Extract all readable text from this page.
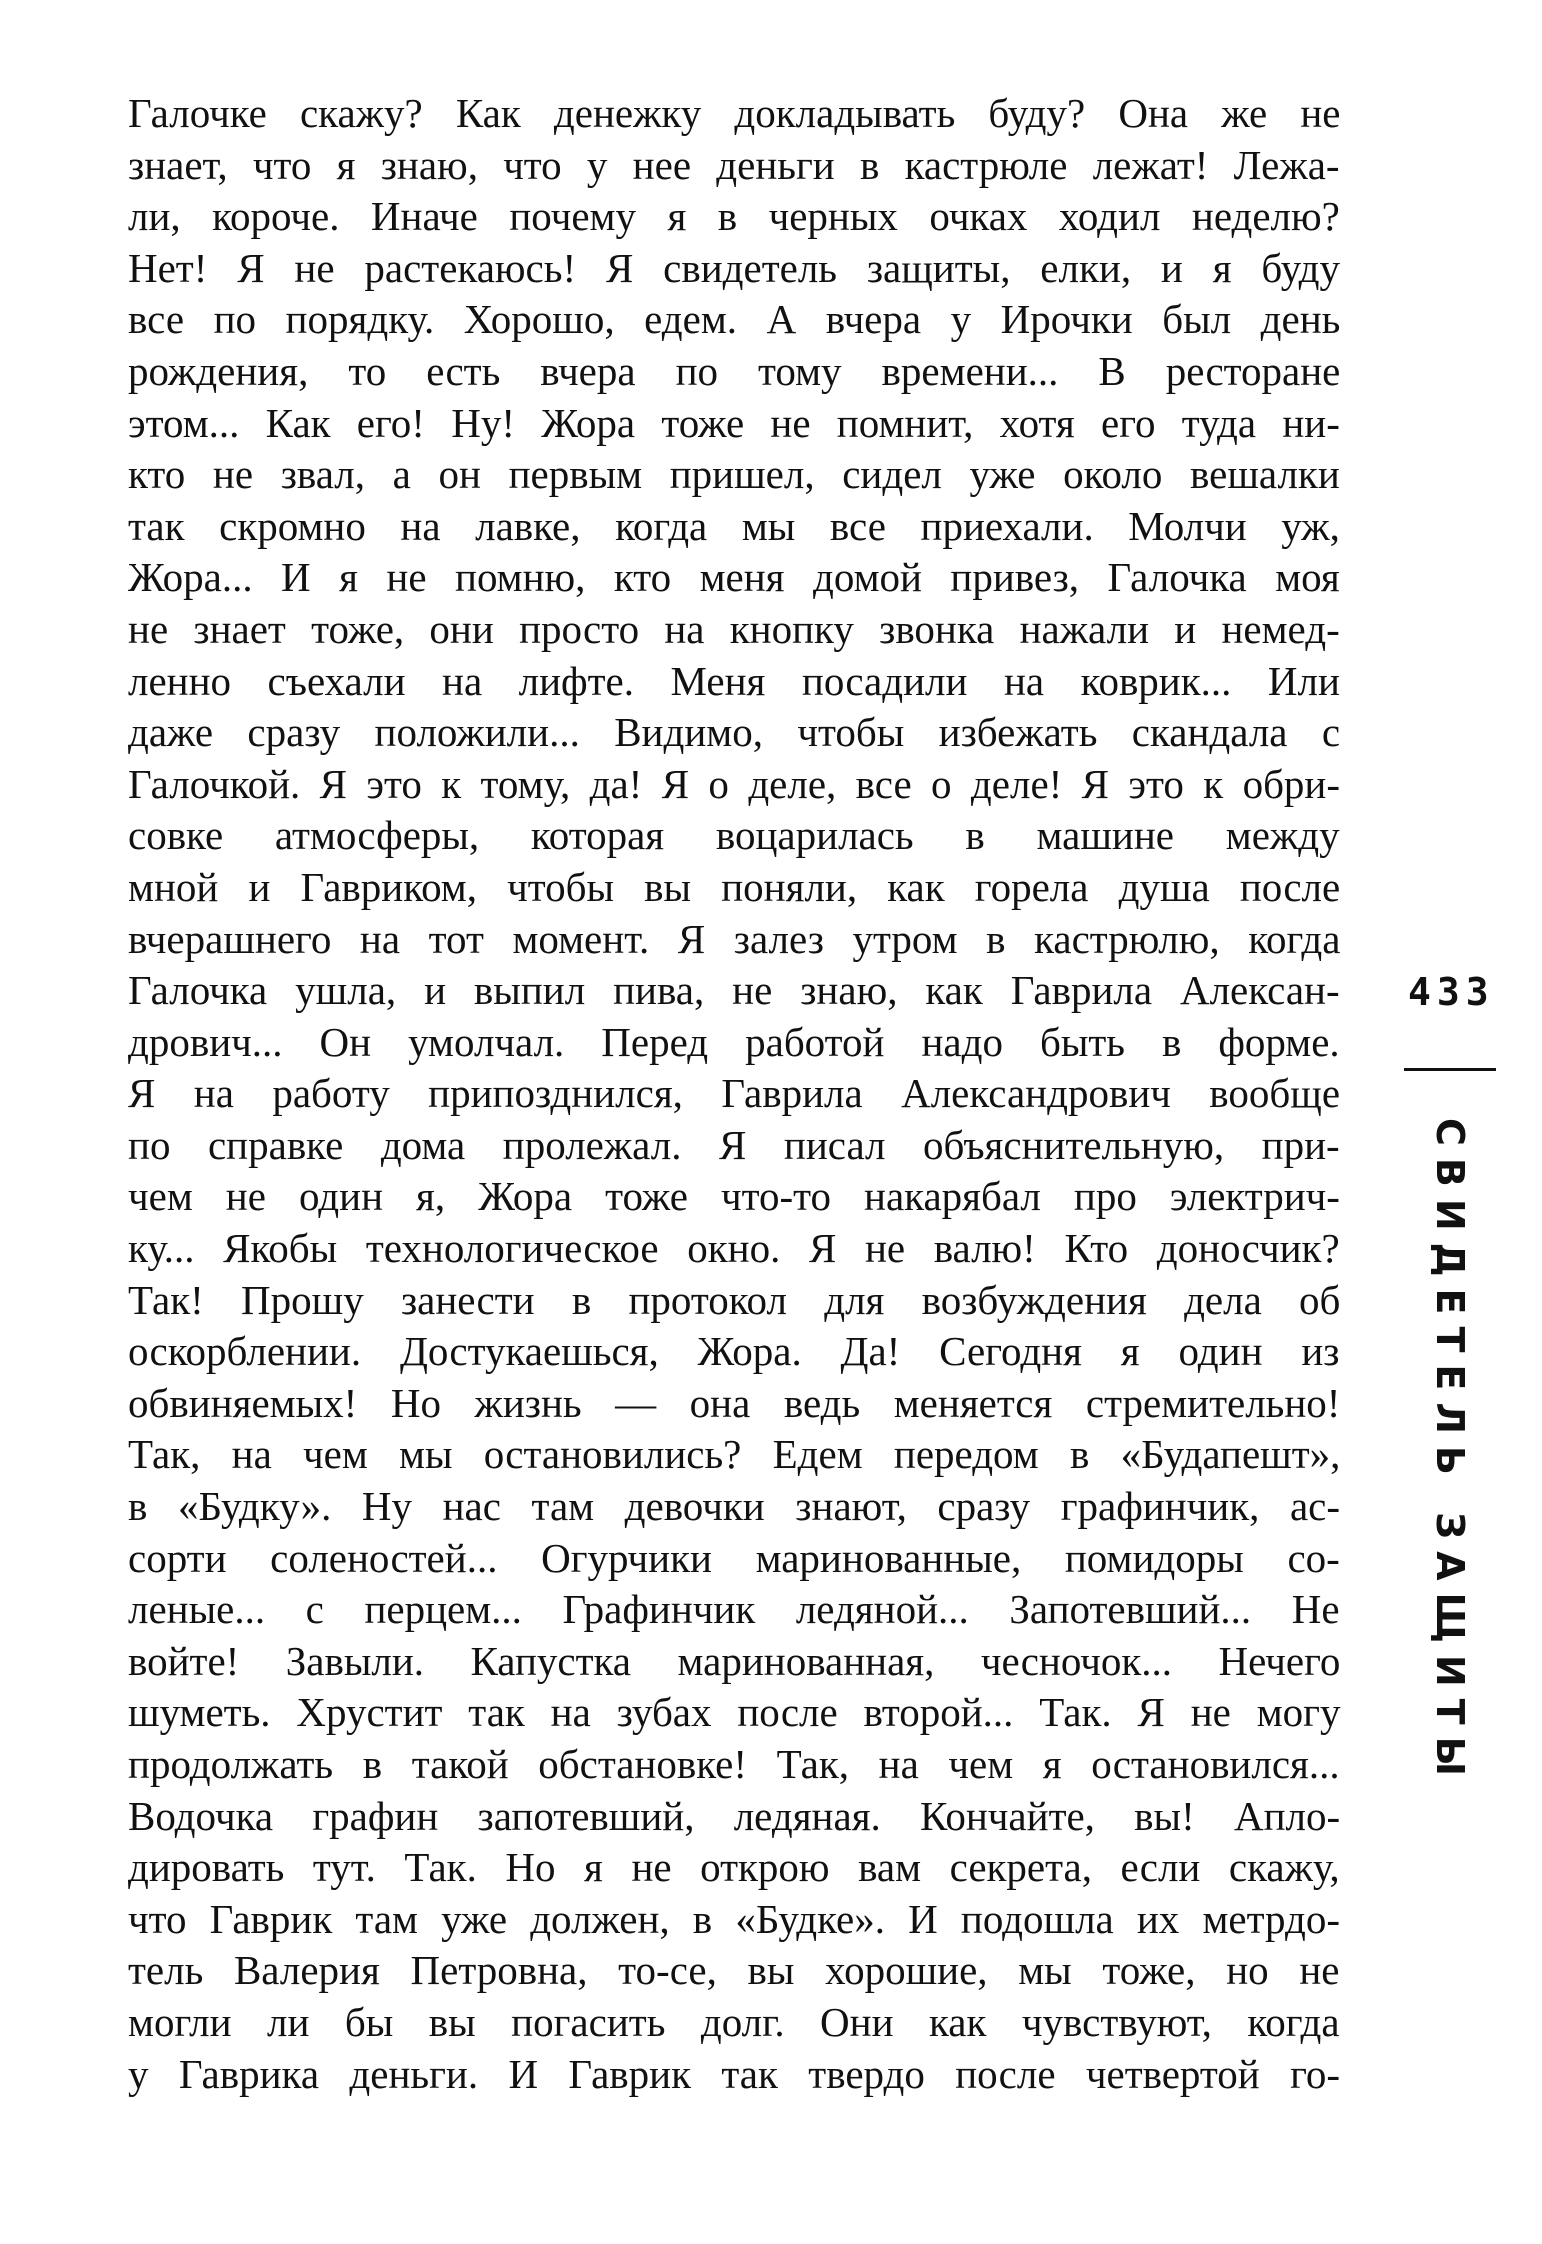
Галочке скажу? Как денежку докладывать буду? Она же не
знает, что я знаю, что у нее деньги в кастрюле лежат! Лежа-
ли, короче. Иначе почему я в черных очках ходил неделю?
Нет! Я не растекаюсь! Я свидетель защиты, елки, и я буду
все по порядку. Хорошо, едем. А вчера у Ирочки был день
рождения, то есть вчера по тому времени... В ресторане
этом... Как его! Ну! Жора тоже не помнит, хотя его туда ни-
кто не звал, а он первым пришел, сидел уже около вешалки
так скромно на лавке, когда мы все приехали. Молчи уж,
Жора... И я не помню, кто меня домой привез, Галочка моя
не знает тоже, они просто на кнопку звонка нажали и немед-
ленно съехали на лифте. Меня посадили на коврик... Или
даже сразу положили... Видимо, чтобы избежать скандала с
Галочкой. Я это к тому, да! Я о деле, все о деле! Я это к обри-
совке атмосферы, которая воцарилась в машине между
мной и Гавриком, чтобы вы поняли, как горела душа после
вчерашнего на тот момент. Я залез утром в кастрюлю, когда
Галочка ушла, и выпил пива, не знаю, как Гаврила Алексан-
дрович... Он умолчал. Перед работой надо быть в форме.
Я на работу припозднился, Гаврила Александрович вообще
по справке дома пролежал. Я писал объяснительную, при-
чем не один я, Жора тоже что-то накарябал про электрич-
ку... Якобы технологическое окно. Я не валю! Кто доносчик?
Так! Прошу занести в протокол для возбуждения дела об
оскорблении. Достукаешься, Жора. Да! Сегодня я один из
обвиняемых! Но жизнь — она ведь меняется стремительно!
Так, на чем мы остановились? Едем передом в «Будапешт»,
в «Будку». Ну нас там девочки знают, сразу графинчик, ас-
сорти соленостей... Огурчики маринованные, помидоры со-
леные... с перцем... Графинчик ледяной... Запотевший... Не
войте! Завыли. Капустка маринованная, чесночок... Нечего
шуметь. Хрустит так на зубах после второй... Так. Я не могу
продолжать в такой обстановке! Так, на чем я остановился...
Водочка графин запотевший, ледяная. Кончайте, вы! Апло-
дировать тут. Так. Но я не открою вам секрета, если скажу,
что Гаврик там уже должен, в «Будке». И подошла их метрдо-
тель Валерия Петровна, то-се, вы хорошие, мы тоже, но не
могли ли бы вы погасить долг. Они как чувствуют, когда
у Гаврика деньги. И Гаврик так твердо после четвертой го-
433
СВИДЕТЕЛЬ ЗАЩИТЫ
